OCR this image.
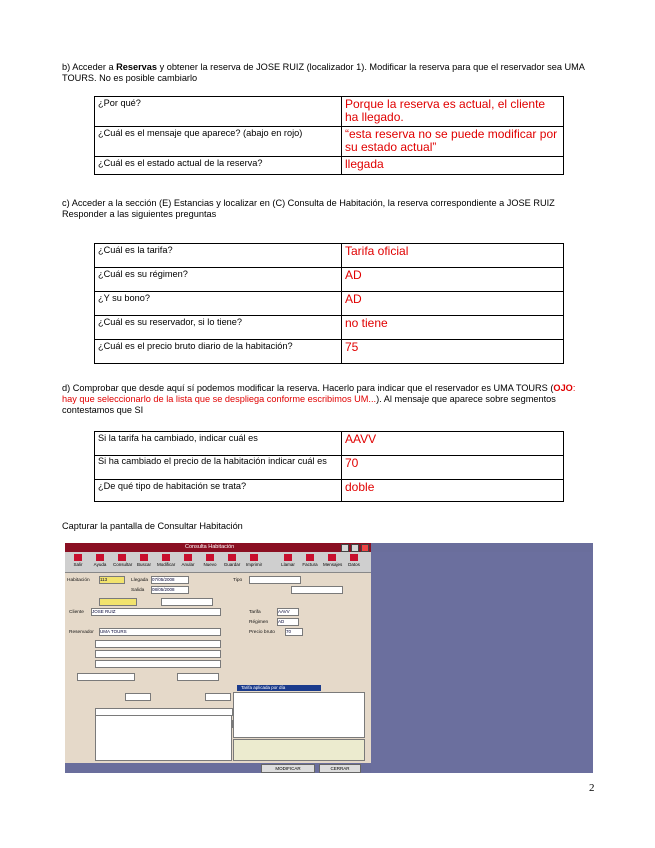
b) Acceder a Reservas y obtener la reserva de JOSE RUIZ (localizador 1). Modificar la reserva para que el reservador sea UMA TOURS. No es posible cambiarlo
¿Por qué?	Porque la reserva es actual, el cliente ha llegado.
¿Cuál es el mensaje que aparece? (abajo en rojo)	“esta reserva no se puede modificar por su estado actual”
¿Cuál es el estado actual de la reserva?	llegada
c) Acceder a la sección (E) Estancias y localizar en (C) Consulta de Habitación, la reserva correspondiente a JOSE RUIZ
Responder a las siguientes preguntas
¿Cuál es la tarifa?	Tarifa oficial
¿Cuál es su régimen?	AD
¿Y su bono?	AD
¿Cuál es su reservador, si lo tiene?	no tiene
¿Cuál es el precio bruto diario de la habitación?	75
d) Comprobar que desde aquí sí podemos modificar la reserva. Hacerlo para indicar que el reservador es UMA TOURS (OJO: hay que seleccionarlo de la lista que se despliega conforme escribimos UM...). Al mensaje que aparece sobre segmentos contestamos que SI
Si la tarifa ha cambiado, indicar cuál es	AAVV
Si ha cambiado el precio de la habitación indicar cuál es	70
¿De qué tipo de habitación se trata?	doble
Capturar la pantalla de Consultar Habitación
Consulta Habitación
Salir	Ayuda	Consultar	Buscar	Modificar	Anular	Nuevo	Guardar Imprimir	Llamar	Factura	Mensajes	Datos
Habitación 113	Llegada 07/05/2008	Tipo
Salida 08/05/2008
Cliente JOSE RUIZ	Tarifa	AAVV
Reservador UMA TOURS
Régimen AD
Precio bruto 70
Tarifa aplicada por día
MODIFICAR	CERRAR
2
